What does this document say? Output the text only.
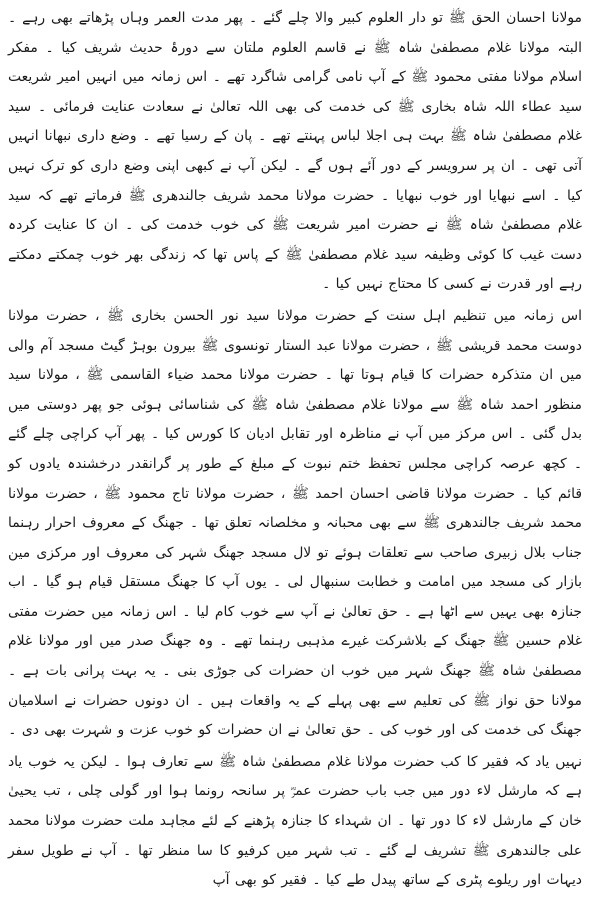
مولانا احسان الحق ﷺ تو دار العلوم کبیر والا چلے گئے ۔ پھر مدت العمر وہاں پڑھاتے بھی رہے ۔ البتہ مولانا غلام مصطفیٰ شاہ ﷺ نے قاسم العلوم ملتان سے دورۂ حدیث شریف کیا ۔ مفکر اسلام مولانا مفتی محمود ﷺ کے آپ نامی گرامی شاگرد تھے ۔ اس زمانہ میں انہیں امیر شریعت سید عطاء اللہ شاہ بخاری ﷺ کی خدمت کی بھی اللہ تعالیٰ نے سعادت عنایت فرمائی ۔ سید غلام مصطفیٰ شاہ ﷺ بہت ہی اجلا لباس پہنتے تھے ۔ پان کے رسیا تھے ۔ وضع داری نبھانا انہیں آتی تھی ۔ ان پر سرویسر کے دور آئے ہوں گے ۔ لیکن آپ نے کبھی اپنی وضع داری کو ترک نہیں کیا ۔ اسے نبھایا اور خوب نبھایا ۔ حضرت مولانا محمد شریف جالندھری ﷺ فرماتے تھے کہ سید غلام مصطفیٰ شاہ ﷺ نے حضرت امیر شریعت ﷺ کی خوب خدمت کی ۔ ان کا عنایت کردہ دست غیب کا کوئی وظیفہ سید غلام مصطفیٰ ﷺ کے پاس تھا کہ زندگی بھر خوب چمکتے دمکتے رہے اور قدرت نے کسی کا محتاج نہیں کیا ۔

اس زمانہ میں تنظیم اہل سنت کے حضرت مولانا سید نور الحسن بخاری ﷺ ، حضرت مولانا دوست محمد قریشی ﷺ ، حضرت مولانا عبد الستار تونسوی ﷺ بیرون بوہڑ گیٹ مسجد آم والی میں ان متذکرہ حضرات کا قیام ہوتا تھا ۔ حضرت مولانا محمد ضیاء القاسمی ﷺ ، مولانا سید منظور احمد شاہ ﷺ سے مولانا غلام مصطفیٰ شاہ ﷺ کی شناسائی ہوئی جو پھر دوستی میں بدل گئی ۔ اس مرکز میں آپ نے مناظرہ اور تقابل ادیان کا کورس کیا ۔ پھر آپ کراچی چلے گئے ۔ کچھ عرصہ کراچی مجلس تحفظ ختم نبوت کے مبلغ کے طور پر گرانقدر درخشندہ یادوں کو قائم کیا ۔ حضرت مولانا قاضی احسان احمد ﷺ ، حضرت مولانا تاج محمود ﷺ ، حضرت مولانا محمد شریف جالندھری ﷺ سے بھی محبانہ و مخلصانہ تعلق تھا ۔ جھنگ کے معروف احرار رہنما جناب بلال زبیری صاحب سے تعلقات ہوئے تو لال مسجد جھنگ شہر کی معروف اور مرکزی مین بازار کی مسجد میں امامت و خطابت سنبھال لی ۔ یوں آپ کا جھنگ مستقل قیام ہو گیا ۔ اب جنازہ بھی یہیں سے اٹھا ہے ۔ حق تعالیٰ نے آپ سے خوب کام لیا ۔ اس زمانہ میں حضرت مفتی غلام حسین ﷺ جھنگ کے بلاشرکت غیرے مذہبی رہنما تھے ۔ وہ جھنگ صدر میں اور مولانا غلام مصطفیٰ شاہ ﷺ جھنگ شہر میں خوب ان حضرات کی جوڑی بنی ۔ یہ بہت پرانی بات ہے ۔ مولانا حق نواز ﷺ کی تعلیم سے بھی پہلے کے یہ واقعات ہیں ۔ ان دونوں حضرات نے اسلامیان جھنگ کی خدمت کی اور خوب کی ۔ حق تعالیٰ نے ان حضرات کو خوب عزت و شہرت بھی دی ۔

نہیں یاد کہ فقیر کا کب حضرت مولانا غلام مصطفیٰ شاہ ﷺ سے تعارف ہوا ۔ لیکن یہ خوب یاد ہے کہ مارشل لاء دور میں جب باب حضرت عمرؓ پر سانحہ رونما ہوا اور گولی چلی ، تب یحییٰ خان کے مارشل لاء کا دور تھا ۔ ان شہداء کا جنازہ پڑھنے کے لئے مجاہد ملت حضرت مولانا محمد علی جالندھری ﷺ تشریف لے گئے ۔ تب شہر میں کرفیو کا سا منظر تھا ۔ آپ نے طویل سفر دیہات اور ریلوے پٹری کے ساتھ پیدل طے کیا ۔ فقیر کو بھی آپ
